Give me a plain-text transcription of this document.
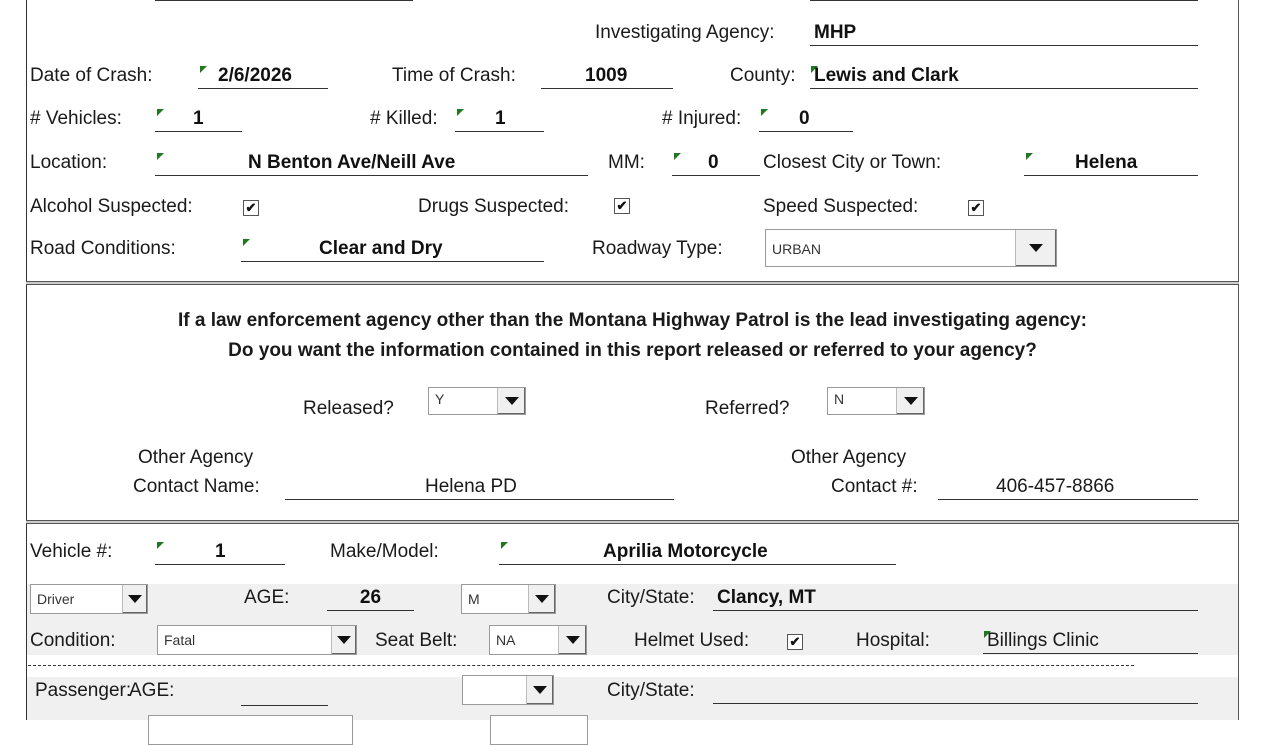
Investigating Agency: MHP
Date of Crash:	2/6/2026	Time of Crash:	1009	County: Lewis and Clark
# Vehicles:	1	# Killed:	1	# Injured:	0
Location:	N Benton Ave/Neill Ave	MM:	0 Closest City or Town:	Helena
Alcohol Suspected:	✔	Drugs Suspected:	✔	Speed Suspected:	✔
Road Conditions:	Clear and Dry	Roadway Type:	URBAN
If a law enforcement agency other than the Montana Highway Patrol is the lead investigating agency:
Do you want the information contained in this report released or referred to your agency?
Released?	Y	Referred?	N
Other Agency
Contact Name:	Helena PD
Other Agency
Contact #:	406-457-8866
Vehicle #:	1	Make/Model:	Aprilia Motorcycle
Driver	AGE:	26	M	City/State: Clancy, MT
Condition:	Fatal	Seat Belt:	NA	Helmet Used:	✔	Hospital:	Billings Clinic
Passenger:
AGE:	City/State:
